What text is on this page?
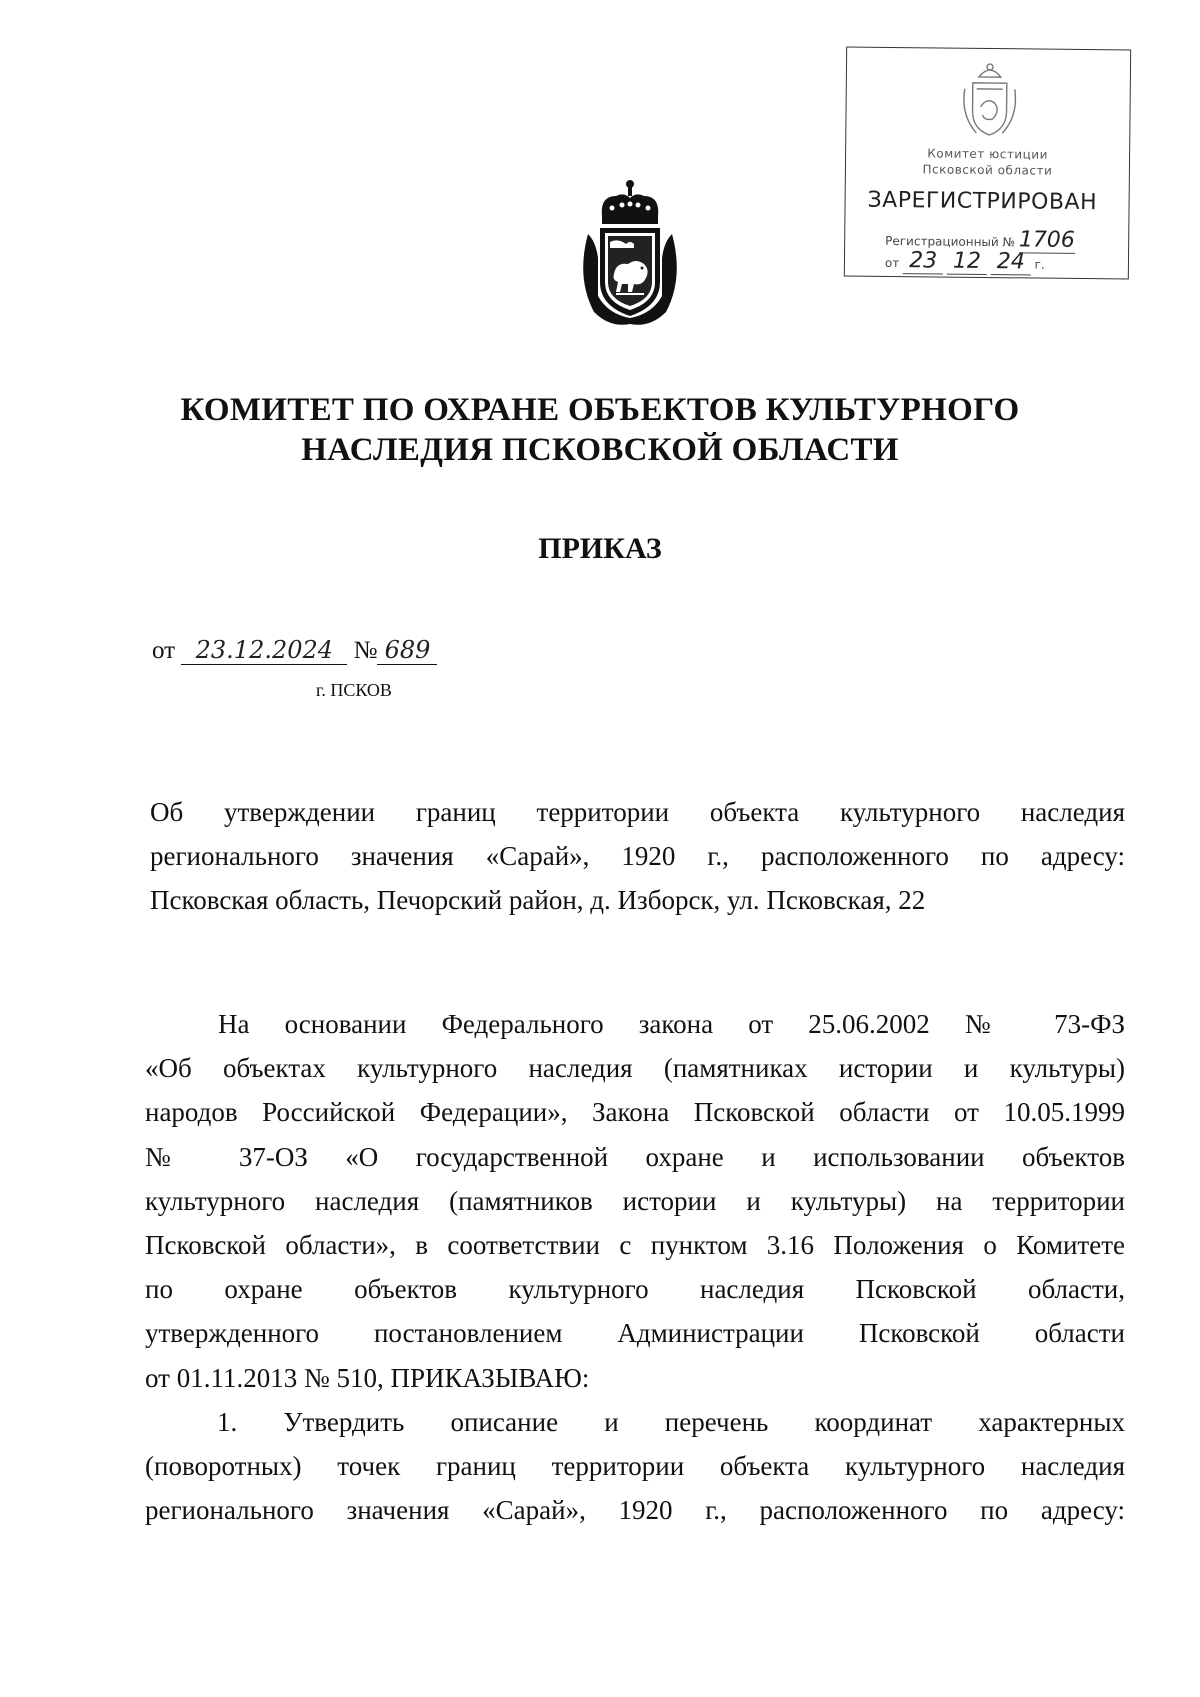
Комитет юстиции
Псковской области
ЗАРЕГИСТРИРОВАН
Регистрационный № 1706
от 23 12 24 г.
КОМИТЕТ ПО ОХРАНЕ ОБЪЕКТОВ КУЛЬТУРНОГО
НАСЛЕДИЯ ПСКОВСКОЙ ОБЛАСТИ
ПРИКАЗ
от 23.12.2024 № 689
г. ПСКОВ

Об утверждении границ территории объекта культурного наследия

регионального значения «Сарай», 1920 г., расположенного по адресу:

Псковская область, Печорский район, д. Изборск, ул. Псковская, 22

На основании Федерального закона от 25.06.2002 № 73-ФЗ
«Об объектах культурного наследия (памятниках истории и культуры)
народов Российской Федерации», Закона Псковской области от 10.05.1999
№ 37-ОЗ «О государственной охране и использовании объектов
культурного наследия (памятников истории и культуры) на территории
Псковской области», в соответствии с пунктом 3.16 Положения о Комитете
по охране объектов культурного наследия Псковской области,
утвержденного постановлением Администрации Псковской области
от 01.11.2013 № 510, ПРИКАЗЫВАЮ:
1. Утвердить описание и перечень координат характерных
(поворотных) точек границ территории объекта культурного наследия
регионального значения «Сарай», 1920 г., расположенного по адресу:
